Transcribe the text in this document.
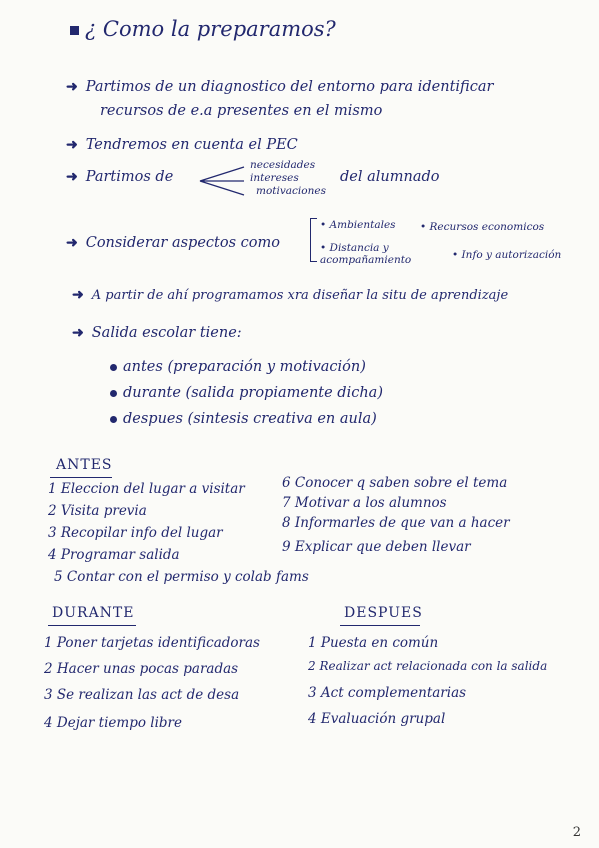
¿ Como la preparamos?
➜ Partimos de un diagnostico del entorno para identificar
recursos de e.a presentes en el mismo
➜ Tendremos en cuenta el PEC
➜ Partimos de
necesidades
intereses
motivaciones
del alumnado
➜ Considerar aspectos como
• Ambientales • Recursos economicos
• Distancia y acompañamiento	• Info y autorización
➜ A partir de ahí programamos xra diseñar la situ de aprendizaje
➜ Salida escolar tiene:
antes (preparación y motivación)
durante (salida propiamente dicha)
despues (sintesis creativa en aula)
ANTES
1 Eleccion del lugar a visitar
2 Visita previa
3 Recopilar info del lugar
4 Programar salida
5 Contar con el permiso y colab fams
6 Conocer q saben sobre el tema
7 Motivar a los alumnos
8 Informarles de que van a hacer
9 Explicar que deben llevar
DURANTE
1 Poner tarjetas identificadoras
2 Hacer unas pocas paradas
3 Se realizan las act de desa
4 Dejar tiempo libre
DESPUES
1 Puesta en común
2 Realizar act relacionada con la salida
3 Act complementarias
4 Evaluación grupal
2
